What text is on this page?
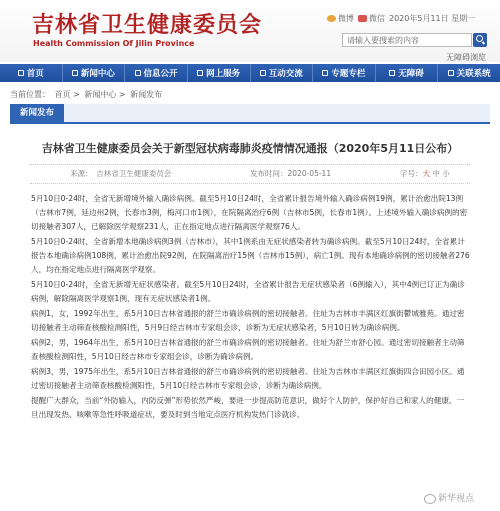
吉林省卫生健康委员会
Health Commission Of Jilin Province
微博 微信 2020年5月11日 星期一
请输入要搜索的内容
无障碍浏览
首页	新闻中心	信息公开	网上服务	互动交流	专题专栏	无障碍	关联系统
当前位置： 首页 > 新闻中心 > 新闻发布
新闻发布
吉林省卫生健康委员会关于新型冠状病毒肺炎疫情情况通报（2020年5月11日公布）
来源：　吉林省卫生健康委员会	发布时间：2020-05-11	字号：大 中 小

5月10日0-24时，全省无新增境外输入确诊病例。截至5月10日24时，全省累计报告境外输入确诊病例19例，累计治愈出院13例（吉林市7例，延边州2例，长春市3例，梅河口市1例），在院隔离治疗6例（吉林市5例，长春市1例）。上述境外输入确诊病例的密切接触者307人，已解除医学观察231人，正在指定地点进行隔离医学观察76人。

5月10日0-24时，全省新增本地确诊病例3例（吉林市），其中1例系由无症状感染者转为确诊病例。截至5月10日24时，全省累计报告本地确诊病例108例，累计治愈出院92例，在院隔离治疗15例（吉林市15例），病亡1例。现有本地确诊病例的密切接触者276人，均在指定地点进行隔离医学观察。

5月10日0-24时，全省无新增无症状感染者。截至5月10日24时，全省累计报告无症状感染者（6例输入），其中4例已订正为确诊病例，解除隔离医学观察1例，现有无症状感染者1例。

病例1，女，1992年出生，系5月10日吉林省通报的舒兰市确诊病例的密切接触者。住址为吉林市丰满区红旗街鬱城雅苑。通过密切接触者主动筛查核酸检测阳性，5月9日经吉林市专家组会诊，诊断为无症状感染者，5月10日转为确诊病例。

病例2，男，1964年出生，系5月10日吉林省通报的舒兰市确诊病例的密切接触者。住址为舒兰市舒心园。通过密切接触者主动筛查核酸检测阳性，5月10日经吉林市专家组会诊，诊断为确诊病例。

病例3，男，1975年出生，系5月10日吉林省通报的舒兰市确诊病例的密切接触者。住址为吉林市丰满区红旗街四合田园小区。通过密切接触者主动筛查核酸检测阳性，5月10日经吉林市专家组会诊，诊断为确诊病例。

提醒广大群众，当前“外防输入，内防反弹”形势依然严峻，要进一步提高防范意识，做好个人防护，保护好自己和家人的健康。一旦出现发热、咳嗽等急性呼吸道症状，要及时到当地定点医疗机构发热门诊就诊。

新华视点
